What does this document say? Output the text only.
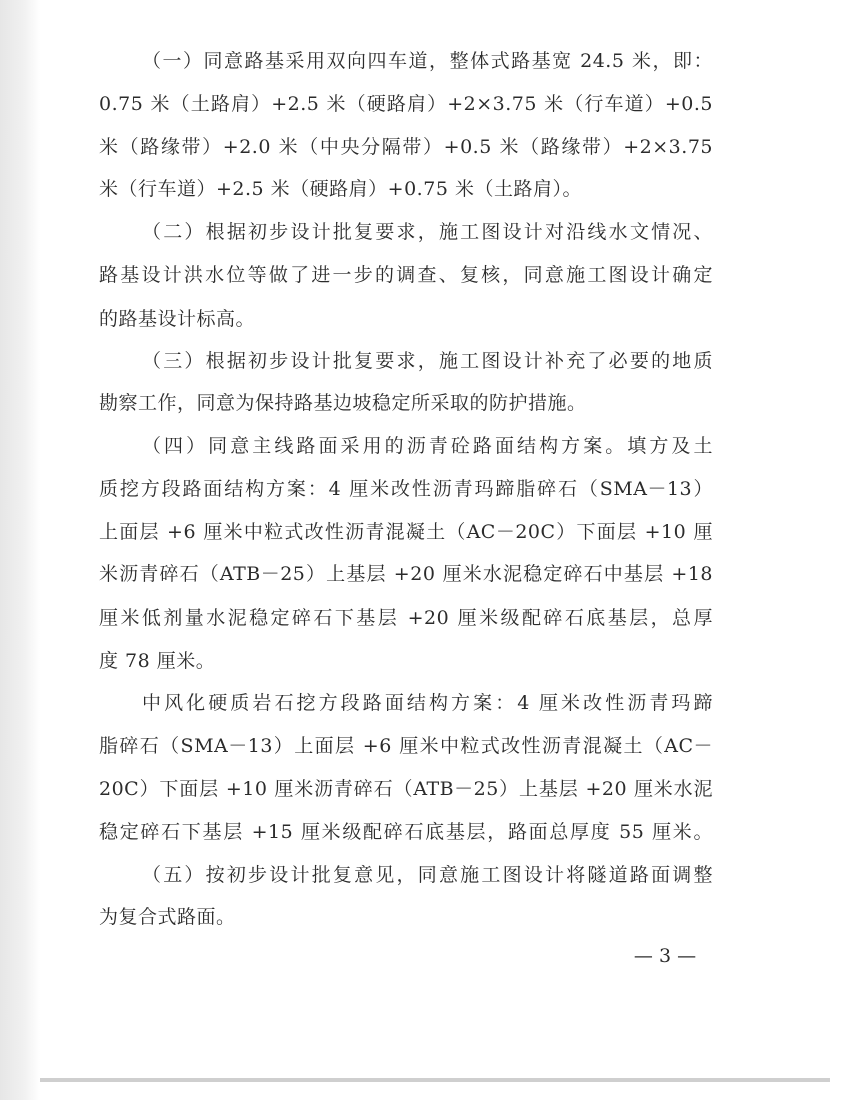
（一）同意路基采用双向四车道，整体式路基宽 24.5 米，即：
0.75 米（土路肩）+2.5 米（硬路肩）+2×3.75 米（行车道）+0.5
米（路缘带）+2.0 米（中央分隔带）+0.5 米（路缘带）+2×3.75
米（行车道）+2.5 米（硬路肩）+0.75 米（土路肩）。
（二）根据初步设计批复要求，施工图设计对沿线水文情况、
路基设计洪水位等做了进一步的调查、复核，同意施工图设计确定
的路基设计标高。
（三）根据初步设计批复要求，施工图设计补充了必要的地质
勘察工作，同意为保持路基边坡稳定所采取的防护措施。
（四）同意主线路面采用的沥青砼路面结构方案。填方及土
质挖方段路面结构方案：4 厘米改性沥青玛蹄脂碎石（SMA－13）
上面层 +6 厘米中粒式改性沥青混凝土（AC－20C）下面层 +10 厘
米沥青碎石（ATB－25）上基层 +20 厘米水泥稳定碎石中基层 +18
厘米低剂量水泥稳定碎石下基层 +20 厘米级配碎石底基层，总厚
度 78 厘米。
中风化硬质岩石挖方段路面结构方案：4 厘米改性沥青玛蹄
脂碎石（SMA－13）上面层 +6 厘米中粒式改性沥青混凝土（AC－
20C）下面层 +10 厘米沥青碎石（ATB－25）上基层 +20 厘米水泥
稳定碎石下基层 +15 厘米级配碎石底基层，路面总厚度 55 厘米。
（五）按初步设计批复意见，同意施工图设计将隧道路面调整
为复合式路面。
— 3 —
